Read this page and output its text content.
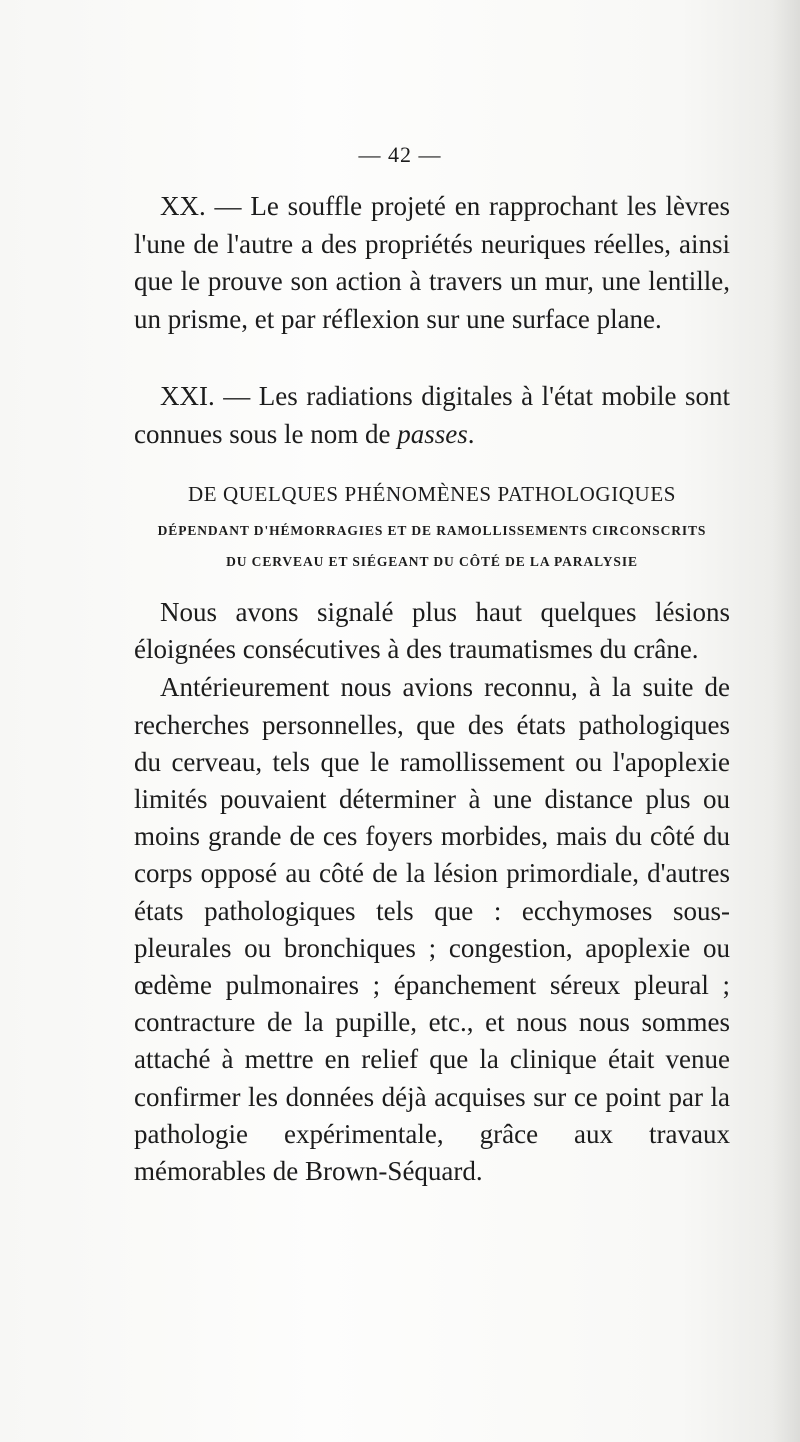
— 42 —

XX. — Le souffle projeté en rapprochant les lèvres l'une de l'autre a des propriétés neuriques réelles, ainsi que le prouve son action à travers un mur, une lentille, un prisme, et par réflexion sur une surface plane.

XXI. — Les radiations digitales à l'état mobile sont connues sous le nom de passes.

DE QUELQUES PHÉNOMÈNES PATHOLOGIQUES
DÉPENDANT D'HÉMORRAGIES ET DE RAMOLLISSEMENTS CIRCONSCRITS
DU CERVEAU ET SIÉGEANT DU CÔTÉ DE LA PARALYSIE

Nous avons signalé plus haut quelques lésions éloignées consécutives à des traumatismes du crâne.

Antérieurement nous avions reconnu, à la suite de recherches personnelles, que des états pathologiques du cerveau, tels que le ramollissement ou l'apoplexie limités pouvaient déterminer à une distance plus ou moins grande de ces foyers morbides, mais du côté du corps opposé au côté de la lésion primordiale, d'autres états pathologiques tels que : ecchymoses sous-pleurales ou bronchiques ; congestion, apoplexie ou œdème pulmonaires ; épanchement séreux pleural ; contracture de la pupille, etc., et nous nous sommes attaché à mettre en relief que la clinique était venue confirmer les données déjà acquises sur ce point par la pathologie expérimentale, grâce aux travaux mémorables de Brown-Séquard.
